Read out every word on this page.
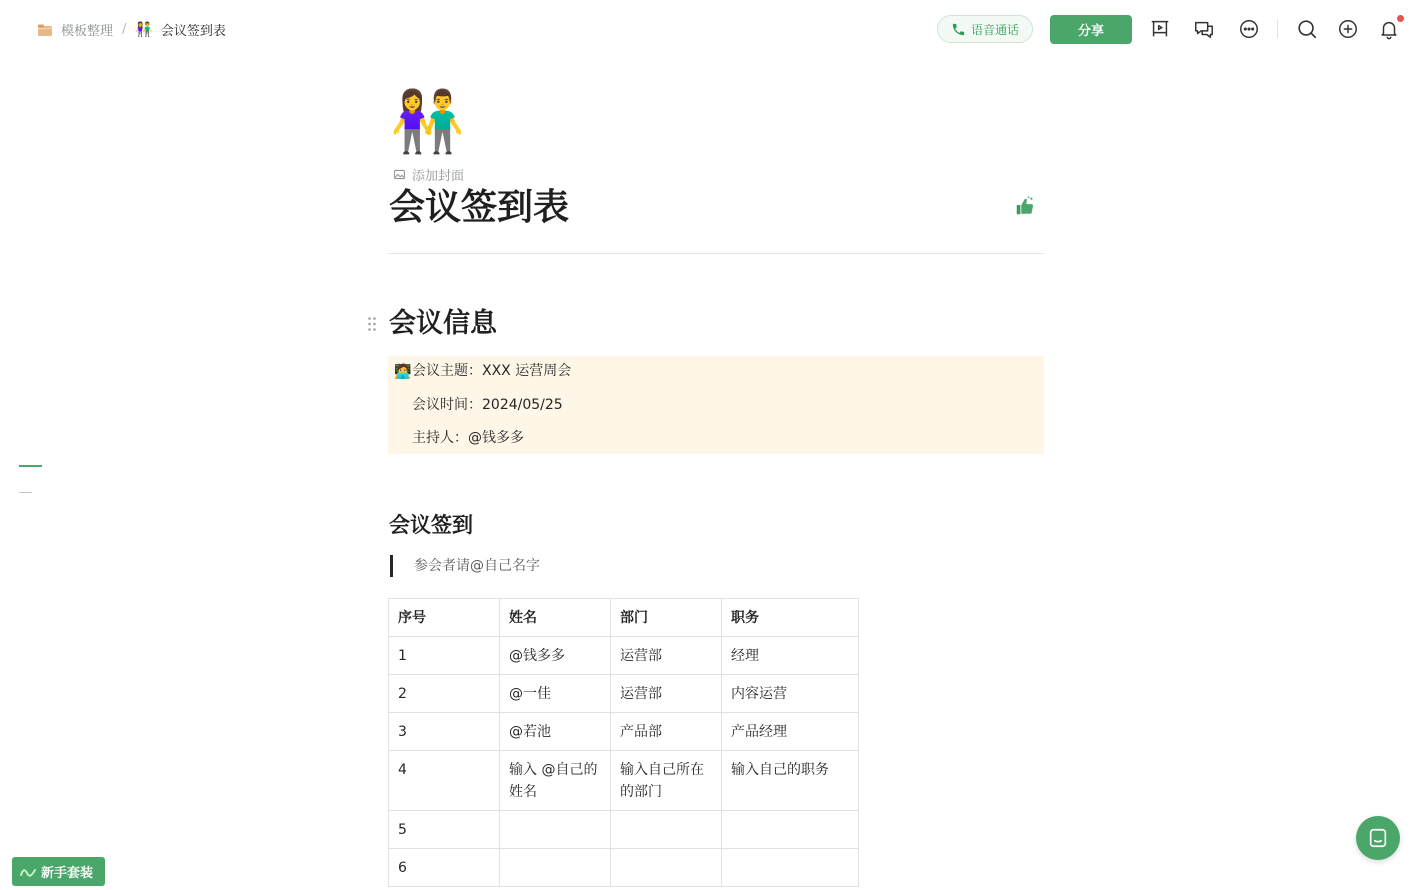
模板整理 / 👫 会议签到表	语音通话	分享
👫
添加封面
会议签到表
会议信息
🧑‍💻 会议主题：XXX 运营周会
会议时间：2024/05/25
主持人：@钱多多
会议签到
参会者请@自己名字
序号	姓名	部门	职务
1	@钱多多	运营部	经理
2	@一佳	运营部	内容运营
3	@若池	产品部	产品经理
4	输入 @自己的姓名	输入自己所在的部门	输入自己的职务
5			
6			
新手套装
